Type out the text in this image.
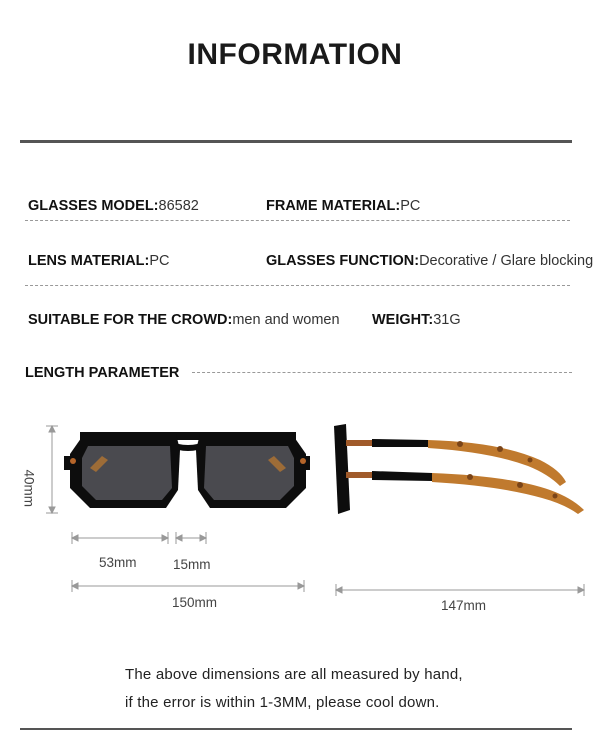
INFORMATION
GLASSES MODEL:86582	FRAME MATERIAL:PC
LENS MATERIAL:PC	GLASSES FUNCTION:Decorative / Glare blocking
SUITABLE FOR THE CROWD:men and women WEIGHT:31G
LENGTH PARAMETER
40mm
53mm	15mm
150mm	147mm
The above dimensions are all measured by hand,
if the error is within 1-3MM, please cool down.
